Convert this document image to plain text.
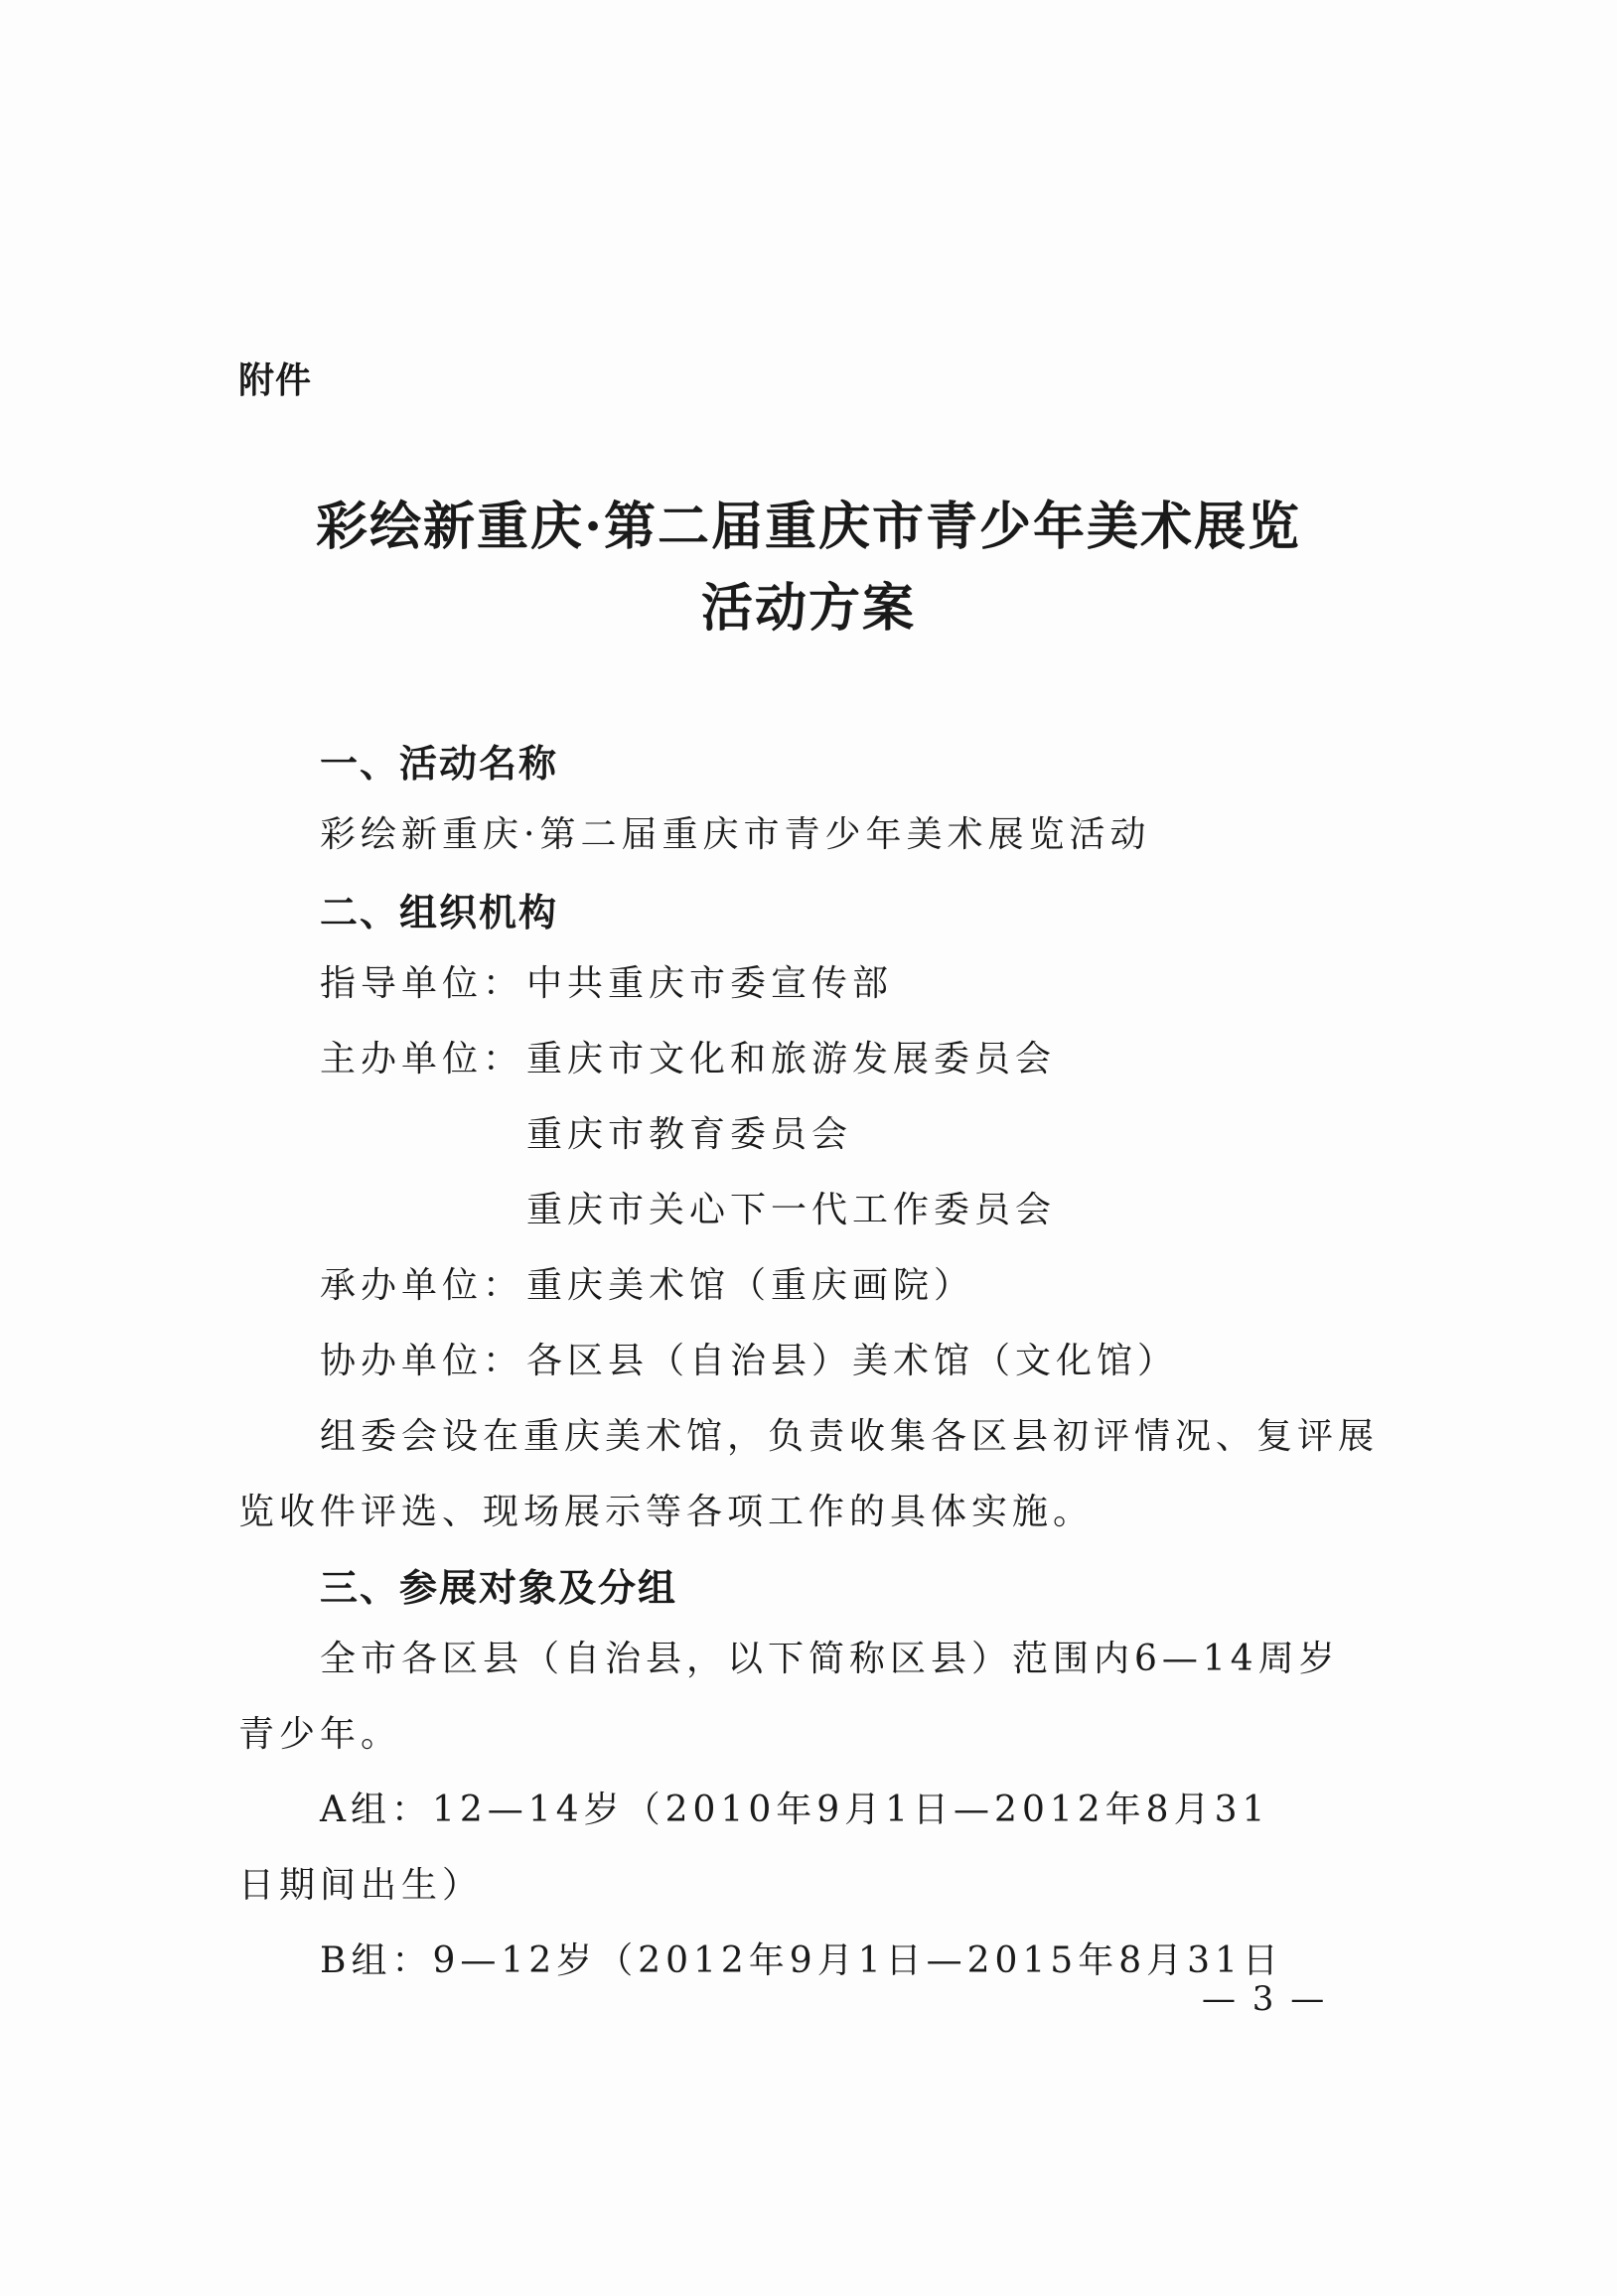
附件
彩绘新重庆·第二届重庆市青少年美术展览
活动方案
一、活动名称
彩绘新重庆·第二届重庆市青少年美术展览活动
二、组织机构
指导单位： 中共重庆市委宣传部
主办单位： 重庆市文化和旅游发展委员会
重庆市教育委员会
重庆市关心下一代工作委员会
承办单位： 重庆美术馆（重庆画院）
协办单位： 各区县（自治县）美术馆（文化馆）
组委会设在重庆美术馆，负责收集各区县初评情况、复评展
览收件评选、现场展示等各项工作的具体实施。
三、参展对象及分组
全市各区县（自治县，以下简称区县）范围内6—14周岁
青少年。
A组：12—14岁（2010年9月1日—2012年8月31
日期间出生）
B组：9—12岁（2012年9月1日—2015年8月31日
— 3 —
